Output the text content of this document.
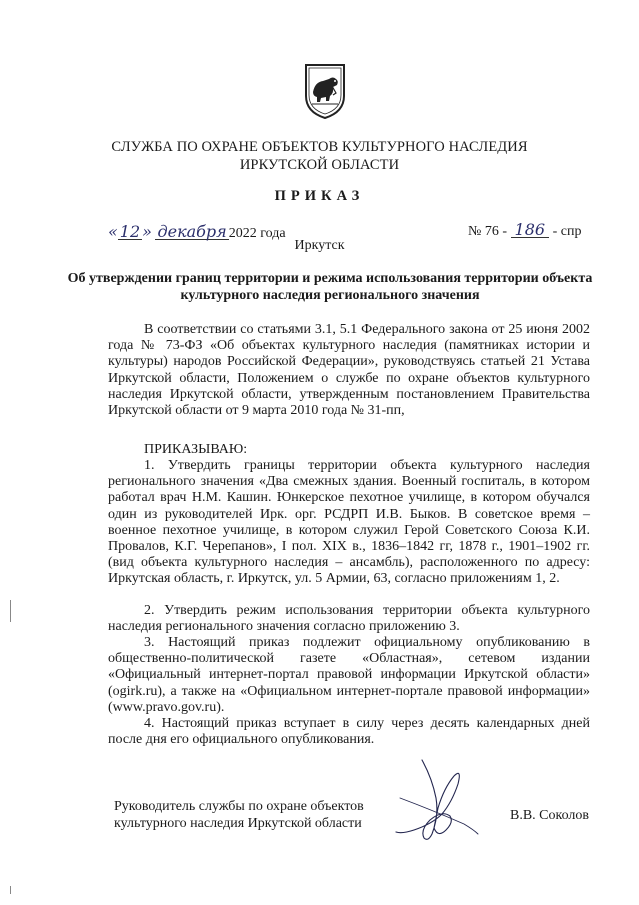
СЛУЖБА ПО ОХРАНЕ ОБЪЕКТОВ КУЛЬТУРНОГО НАСЛЕДИЯ
ИРКУТСКОЙ ОБЛАСТИ
ПРИКАЗ
« 12 » декабря 2022 года	№ 76 - 186 - спр
Иркутск
Об утверждении границ территории и режима использования территории объекта культурного наследия регионального значения
В соответствии со статьями 3.1, 5.1 Федерального закона от 25 июня 2002 года № 73-ФЗ «Об объектах культурного наследия (памятниках истории и культуры) народов Российской Федерации», руководствуясь статьей 21 Устава Иркутской области, Положением о службе по охране объектов культурного наследия Иркутской области, утвержденным постановлением Правительства Иркутской области от 9 марта 2010 года № 31-пп,
ПРИКАЗЫВАЮ:
1. Утвердить границы территории объекта культурного наследия регионального значения «Два смежных здания. Военный госпиталь, в котором работал врач Н.М. Кашин. Юнкерское пехотное училище, в котором обучался один из руководителей Ирк. орг. РСДРП И.В. Быков. В советское время – военное пехотное училище, в котором служил Герой Советского Союза К.И. Провалов, К.Г. Черепанов», I пол. XIX в., 1836–1842 гг, 1878 г., 1901–1902 гг. (вид объекта культурного наследия – ансамбль), расположенного по адресу: Иркутская область, г. Иркутск, ул. 5 Армии, 63, согласно приложениям 1, 2.
2. Утвердить режим использования территории объекта культурного наследия регионального значения согласно приложению 3.
3. Настоящий приказ подлежит официальному опубликованию в общественно-политической газете «Областная», сетевом издании «Официальный интернет-портал правовой информации Иркутской области» (ogirk.ru), а также на «Официальном интернет-портале правовой информации» (www.pravo.gov.ru).
4. Настоящий приказ вступает в силу через десять календарных дней после дня его официального опубликования.
Руководитель службы по охране объектов
культурного наследия Иркутской области
В.В. Соколов
